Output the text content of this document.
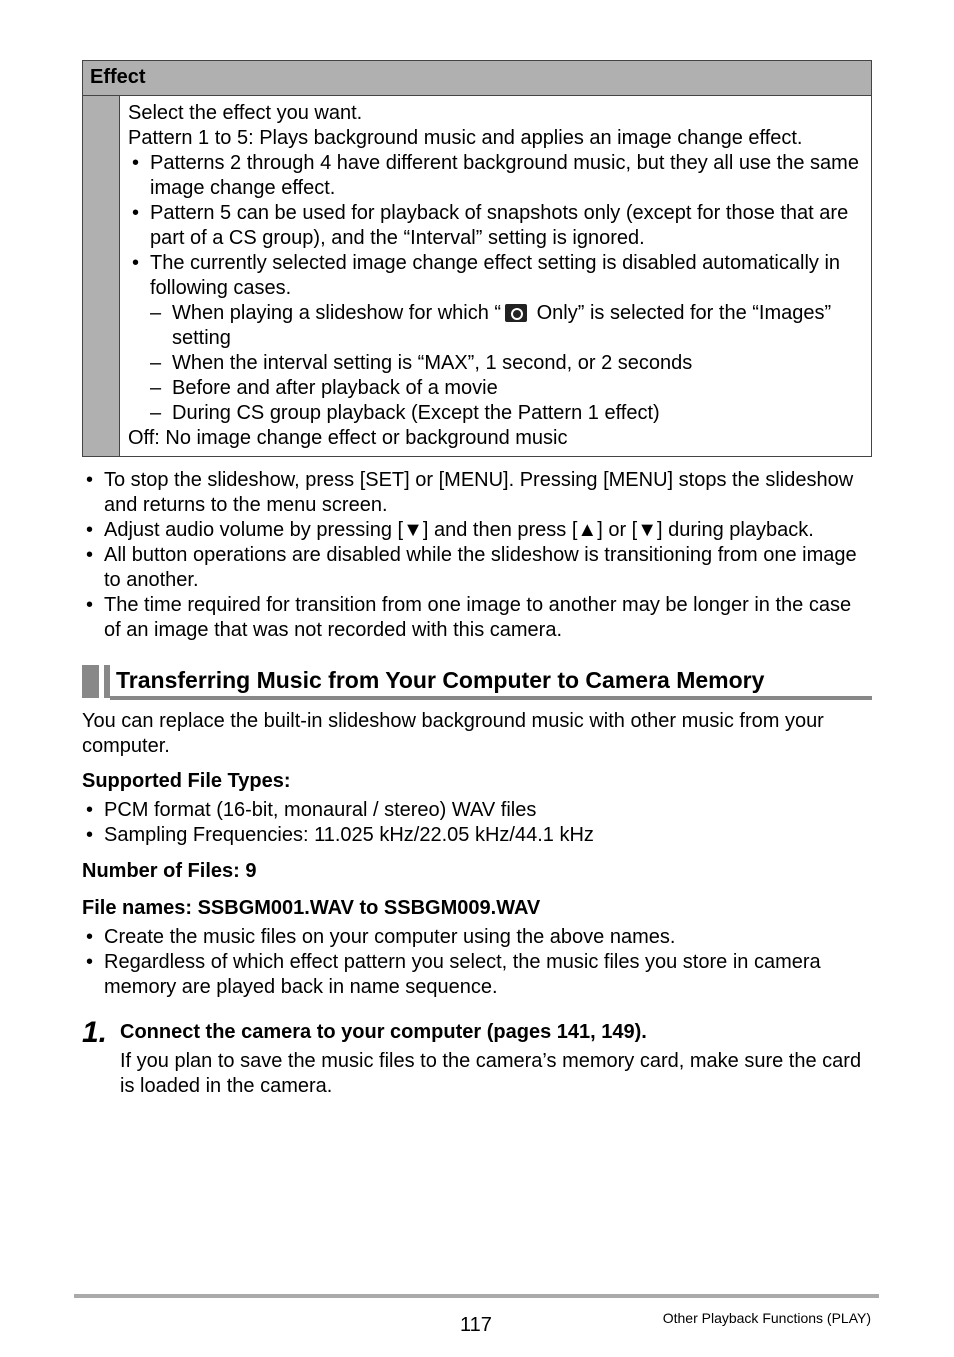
Effect
Select the effect you want.
Pattern 1 to 5: Plays background music and applies an image change effect.
• Patterns 2 through 4 have different background music, but they all use the same image change effect.
• Pattern 5 can be used for playback of snapshots only (except for those that are part of a CS group), and the “Interval” setting is ignored.
• The currently selected image change effect setting is disabled automatically in following cases.
– When playing a slideshow for which “ Only” is selected for the “Images” setting
– When the interval setting is “MAX”, 1 second, or 2 seconds
– Before and after playback of a movie
– During CS group playback (Except the Pattern 1 effect)
Off: No image change effect or background music
• To stop the slideshow, press [SET] or [MENU]. Pressing [MENU] stops the slideshow and returns to the menu screen.
• Adjust audio volume by pressing [▼] and then press [▲] or [▼] during playback.
• All button operations are disabled while the slideshow is transitioning from one image to another.
• The time required for transition from one image to another may be longer in the case of an image that was not recorded with this camera.
Transferring Music from Your Computer to Camera Memory
You can replace the built-in slideshow background music with other music from your computer.
Supported File Types:
• PCM format (16-bit, monaural / stereo) WAV files
• Sampling Frequencies: 11.025 kHz/22.05 kHz/44.1 kHz
Number of Files: 9
File names: SSBGM001.WAV to SSBGM009.WAV
• Create the music files on your computer using the above names.
• Regardless of which effect pattern you select, the music files you store in camera memory are played back in name sequence.
1. Connect the camera to your computer (pages 141, 149).
If you plan to save the music files to the camera’s memory card, make sure the card is loaded in the camera.
117	Other Playback Functions (PLAY)
